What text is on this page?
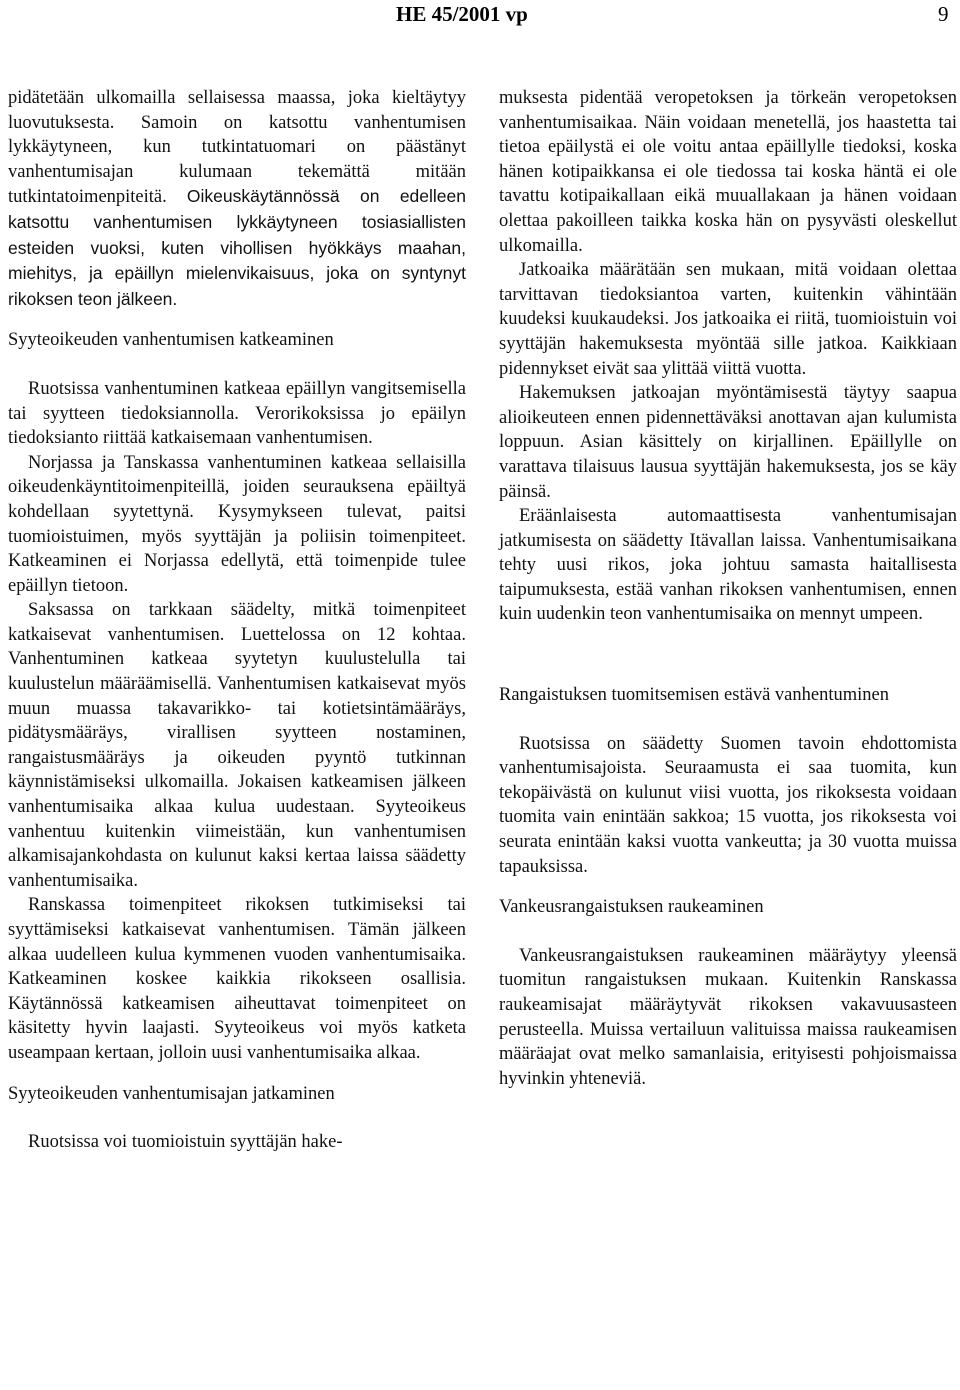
HE 45/2001 vp	9

pidätetään ulkomailla sellaisessa maassa, joka kieltäytyy luovutuksesta. Samoin on katsottu vanhentumisen lykkäytyneen, kun tutkintatuomari on päästänyt vanhentumisajan kulumaan tekemättä mitään tutkintatoimenpiteitä. Oikeuskäytännössä on edelleen katsottu vanhentumisen lykkäytyneen tosiasiallisten esteiden vuoksi, kuten vihollisen hyökkäys maahan, miehitys, ja epäillyn mielenvikaisuus, joka on syntynyt rikoksen teon jälkeen.

Syyteoikeuden vanhentumisen katkeaminen

Ruotsissa vanhentuminen katkeaa epäillyn vangitsemisella tai syytteen tiedoksiannolla. Verorikoksissa jo epäilyn tiedoksianto riittää katkaisemaan vanhentumisen.

Norjassa ja Tanskassa vanhentuminen katkeaa sellaisilla oikeudenkäyntitoimenpiteillä, joiden seurauksena epäiltyä kohdellaan syytettynä. Kysymykseen tulevat, paitsi tuomioistuimen, myös syyttäjän ja poliisin toimenpiteet. Katkeaminen ei Norjassa edellytä, että toimenpide tulee epäillyn tietoon.

Saksassa on tarkkaan säädelty, mitkä toimenpiteet katkaisevat vanhentumisen. Luettelossa on 12 kohtaa. Vanhentuminen katkeaa syytetyn kuulustelulla tai kuulustelun määräämisellä. Vanhentumisen katkaisevat myös muun muassa takavarikko- tai kotietsintämääräys, pidätysmääräys, virallisen syytteen nostaminen, rangaistusmääräys ja oikeuden pyyntö tutkinnan käynnistämiseksi ulkomailla. Jokaisen katkeamisen jälkeen vanhentumisaika alkaa kulua uudestaan. Syyteoikeus vanhentuu kuitenkin viimeistään, kun vanhentumisen alkamisajankohdasta on kulunut kaksi kertaa laissa säädetty vanhentumisaika.

Ranskassa toimenpiteet rikoksen tutkimiseksi tai syyttämiseksi katkaisevat vanhentumisen. Tämän jälkeen alkaa uudelleen kulua kymmenen vuoden vanhentumisaika. Katkeaminen koskee kaikkia rikokseen osallisia. Käytännössä katkeamisen aiheuttavat toimenpiteet on käsitetty hyvin laajasti. Syyteoikeus voi myös katketa useampaan kertaan, jolloin uusi vanhentumisaika alkaa.

Syyteoikeuden vanhentumisajan jatkaminen

Ruotsissa voi tuomioistuin syyttäjän hake-

muksesta pidentää veropetoksen ja törkeän veropetoksen vanhentumisaikaa. Näin voidaan menetellä, jos haastetta tai tietoa epäilystä ei ole voitu antaa epäillylle tiedoksi, koska hänen kotipaikkansa ei ole tiedossa tai koska häntä ei ole tavattu kotipaikallaan eikä muuallakaan ja hänen voidaan olettaa pakoilleen taikka koska hän on pysyvästi oleskellut ulkomailla.

Jatkoaika määrätään sen mukaan, mitä voidaan olettaa tarvittavan tiedoksiantoa varten, kuitenkin vähintään kuudeksi kuukaudeksi. Jos jatkoaika ei riitä, tuomioistuin voi syyttäjän hakemuksesta myöntää sille jatkoa. Kaikkiaan pidennykset eivät saa ylittää viittä vuotta.

Hakemuksen jatkoajan myöntämisestä täytyy saapua alioikeuteen ennen pidennettäväksi anottavan ajan kulumista loppuun. Asian käsittely on kirjallinen. Epäillylle on varattava tilaisuus lausua syyttäjän hakemuksesta, jos se käy päinsä.

Eräänlaisesta automaattisesta vanhentumisajan jatkumisesta on säädetty Itävallan laissa. Vanhentumisaikana tehty uusi rikos, joka johtuu samasta haitallisesta taipumuksesta, estää vanhan rikoksen vanhentumisen, ennen kuin uudenkin teon vanhentumisaika on mennyt umpeen.

Rangaistuksen tuomitsemisen estävä vanhentuminen

Ruotsissa on säädetty Suomen tavoin ehdottomista vanhentumisajoista. Seuraamusta ei saa tuomita, kun tekopäivästä on kulunut viisi vuotta, jos rikoksesta voidaan tuomita vain enintään sakkoa; 15 vuotta, jos rikoksesta voi seurata enintään kaksi vuotta vankeutta; ja 30 vuotta muissa tapauksissa.

Vankeusrangaistuksen raukeaminen

Vankeusrangaistuksen raukeaminen määräytyy yleensä tuomitun rangaistuksen mukaan. Kuitenkin Ranskassa raukeamisajat määräytyvät rikoksen vakavuusasteen perusteella. Muissa vertailuun valituissa maissa raukeamisen määräajat ovat melko samanlaisia, erityisesti pohjoismaissa hyvinkin yhteneviä.
